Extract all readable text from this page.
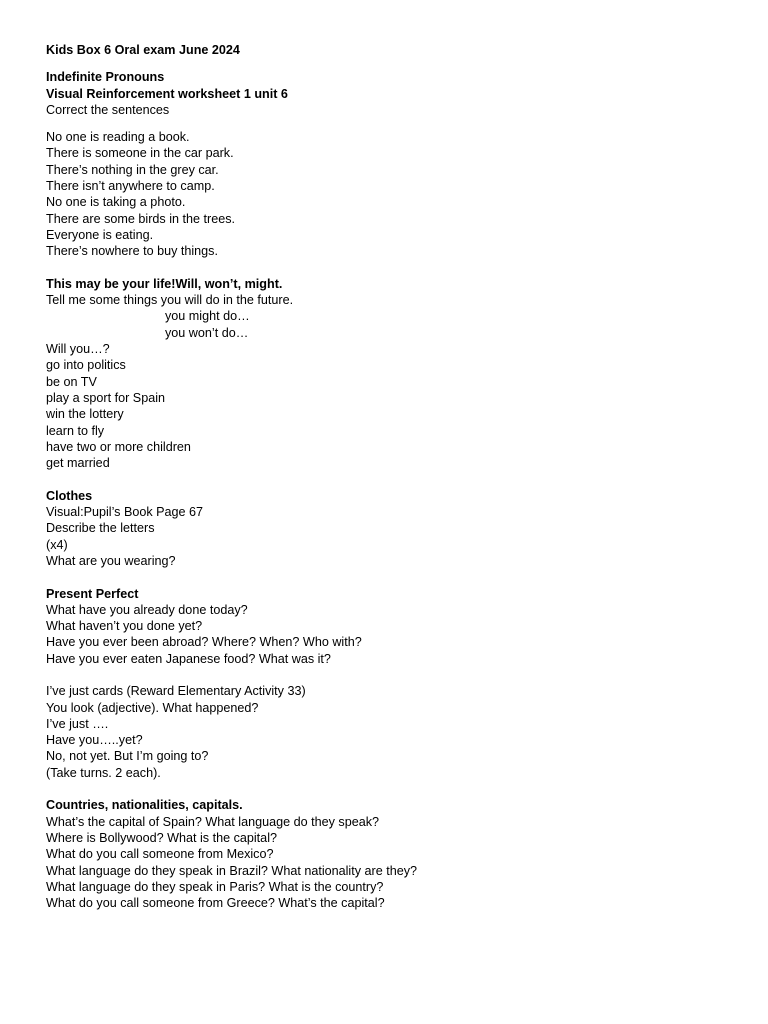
Kids Box 6 Oral exam June 2024
Indefinite Pronouns
Visual Reinforcement worksheet 1 unit 6
Correct the sentences
No one is reading a book.
There is someone in the car park.
There’s nothing in the grey car.
There isn’t anywhere to camp.
No one is taking a photo.
There are some birds in the trees.
Everyone is eating.
There’s nowhere to buy things.
This may be your life!Will, won’t, might.
Tell me some things you will do in the future.
you might do…
you won’t do…
Will you…?
go into politics
be on TV
play a sport for Spain
win the lottery
learn to fly
have two or more children
get married
Clothes
Visual:Pupil’s Book Page 67
Describe the letters
(x4)
What are you wearing?
Present Perfect
What have you already done today?
What haven’t you done yet?
Have you ever been abroad? Where? When? Who with?
Have you ever eaten Japanese food? What was it?
I’ve just cards (Reward Elementary Activity 33)
You look (adjective). What happened?
I’ve just ….
Have you…..yet?
No, not yet. But I’m going to?
(Take turns. 2 each).
Countries, nationalities, capitals.
What’s the capital of Spain? What language do they speak?
Where is Bollywood? What is the capital?
What do you call someone from Mexico?
What language do they speak in Brazil? What nationality are they?
What language do they speak in Paris? What is the country?
What do you call someone from Greece? What’s the capital?
